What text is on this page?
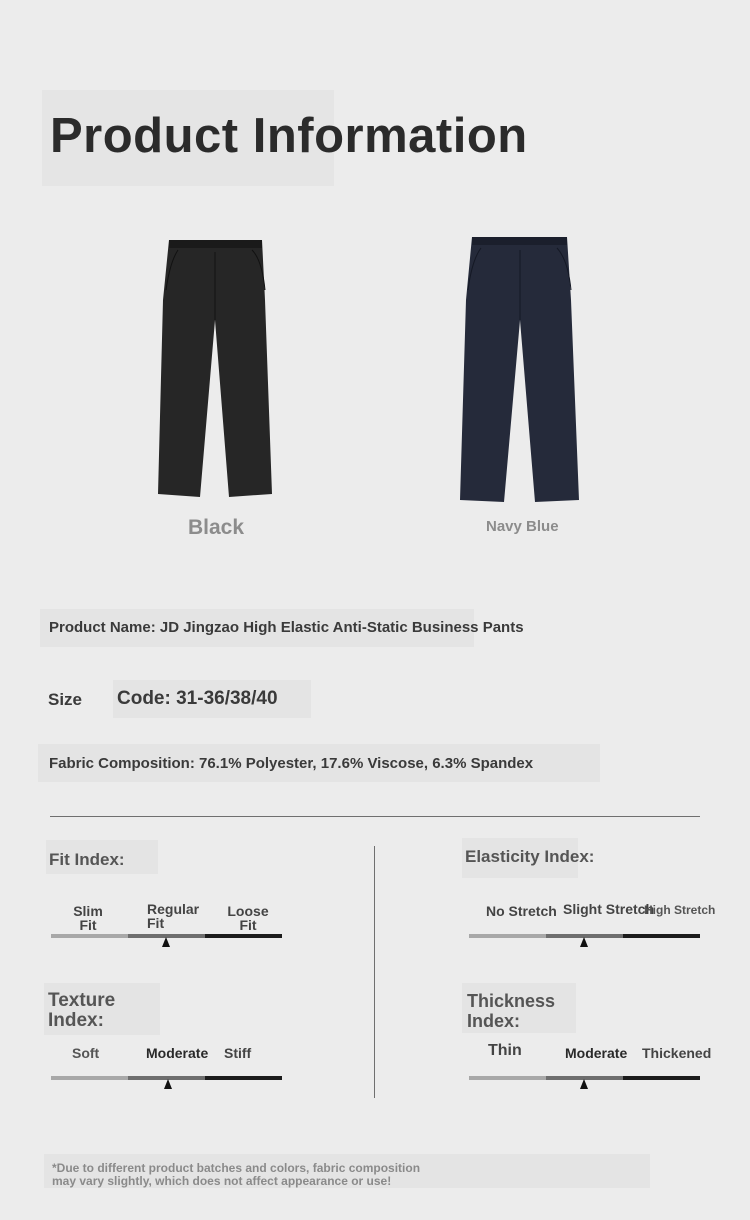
Product Information
Black	Navy Blue
Product Name: JD Jingzao High Elastic Anti-Static Business Pants
Size Code: 31-36/38/40
Fabric Composition: 76.1% Polyester, 17.6% Viscose, 6.3% Spandex
Fit Index:
Slim
Fit
Regular
Fit
Loose
Fit
Elasticity Index:
No Stretch Slight Stretch
High Stretch
Texture
Index:
Soft	Moderate Stiff
Thickness
Index:
Thin	Moderate Thickened
*Due to different product batches and colors, fabric composition
may vary slightly, which does not affect appearance or use!
